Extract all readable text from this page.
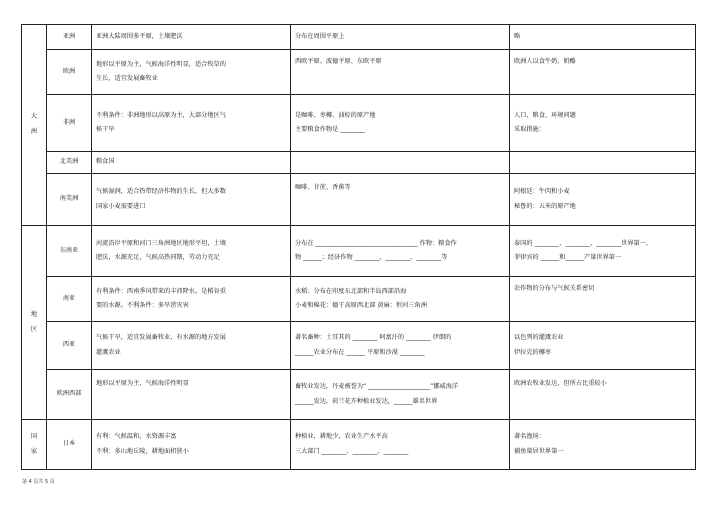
大
洲	亚洲	亚洲大陆周围多平原，土壤肥沃	分布在周围平原上	略

	欧洲	地形以平原为主，气候海洋性明显，适合牧草的
生长，适宜发展畜牧业	西欧平原、波德平原、东欧平原	欧洲人以食牛奶、奶酪

	非洲	不利条件：非洲地形以高原为主，大部分地区气
候干旱	是咖啡、枣椰、油棕的原产地
主要粮食作物是 ________	人口、粮食、环境问题
采取措施：

	北美洲	粮食国		

	南美洲	气候湿润，适合热带经济作物的生长，但大多数
国家小麦需要进口	咖啡、甘蔗、香蕉等	阿根廷：牛肉和小麦
秘鲁的：五米的原产地

地
区	东南亚	河流沿岸平原和河口三角洲地区地形平坦，土壤
肥沃，水源充足，气候高热同期，劳动力充足	分布在 _________________________________ 作物：粮食作
物 ______；经济作物 ________、________、________等	泰国的 ________、________、________世界第一，
菲律宾的 ______和______产量世界第一

	南亚	有利条件：西南季风带来的丰沛降水。是稻谷重
要的水源。不利条件：多旱涝灾害	水稻：分布在印度东北部和半岛西部沿海
小麦和棉花：德干高原西北部 黄麻：恒河三角洲	农作物的分布与气候关系密切

	西亚	气候干旱，适宜发展畜牧业，有水源的地方发展
灌溉农业	著名畜种：土耳其的 ________ 阿富汗的 ________ 伊朗的
______农业分布在 ______ 平原和沙漠 ________	以色列的灌溉农业
伊拉克的椰枣

	欧洲西部	地形以平原为主，气候海洋性明显	畜牧业发达，丹麦被誉为“ ____________________”挪威海洋
______发达，荷兰花卉种植业发达，______雄名世界	欧洲农牧业发达，但所占比重较小

国
家	日本	有利：气候温和，水资源丰富
不利：多山地丘陵，耕地面积狭小	种植业，耕地少，农业生产水平高
三大部门 ________、________、________	著名渔场：
捕鱼量居世界第一
第 4 页共 5 页
